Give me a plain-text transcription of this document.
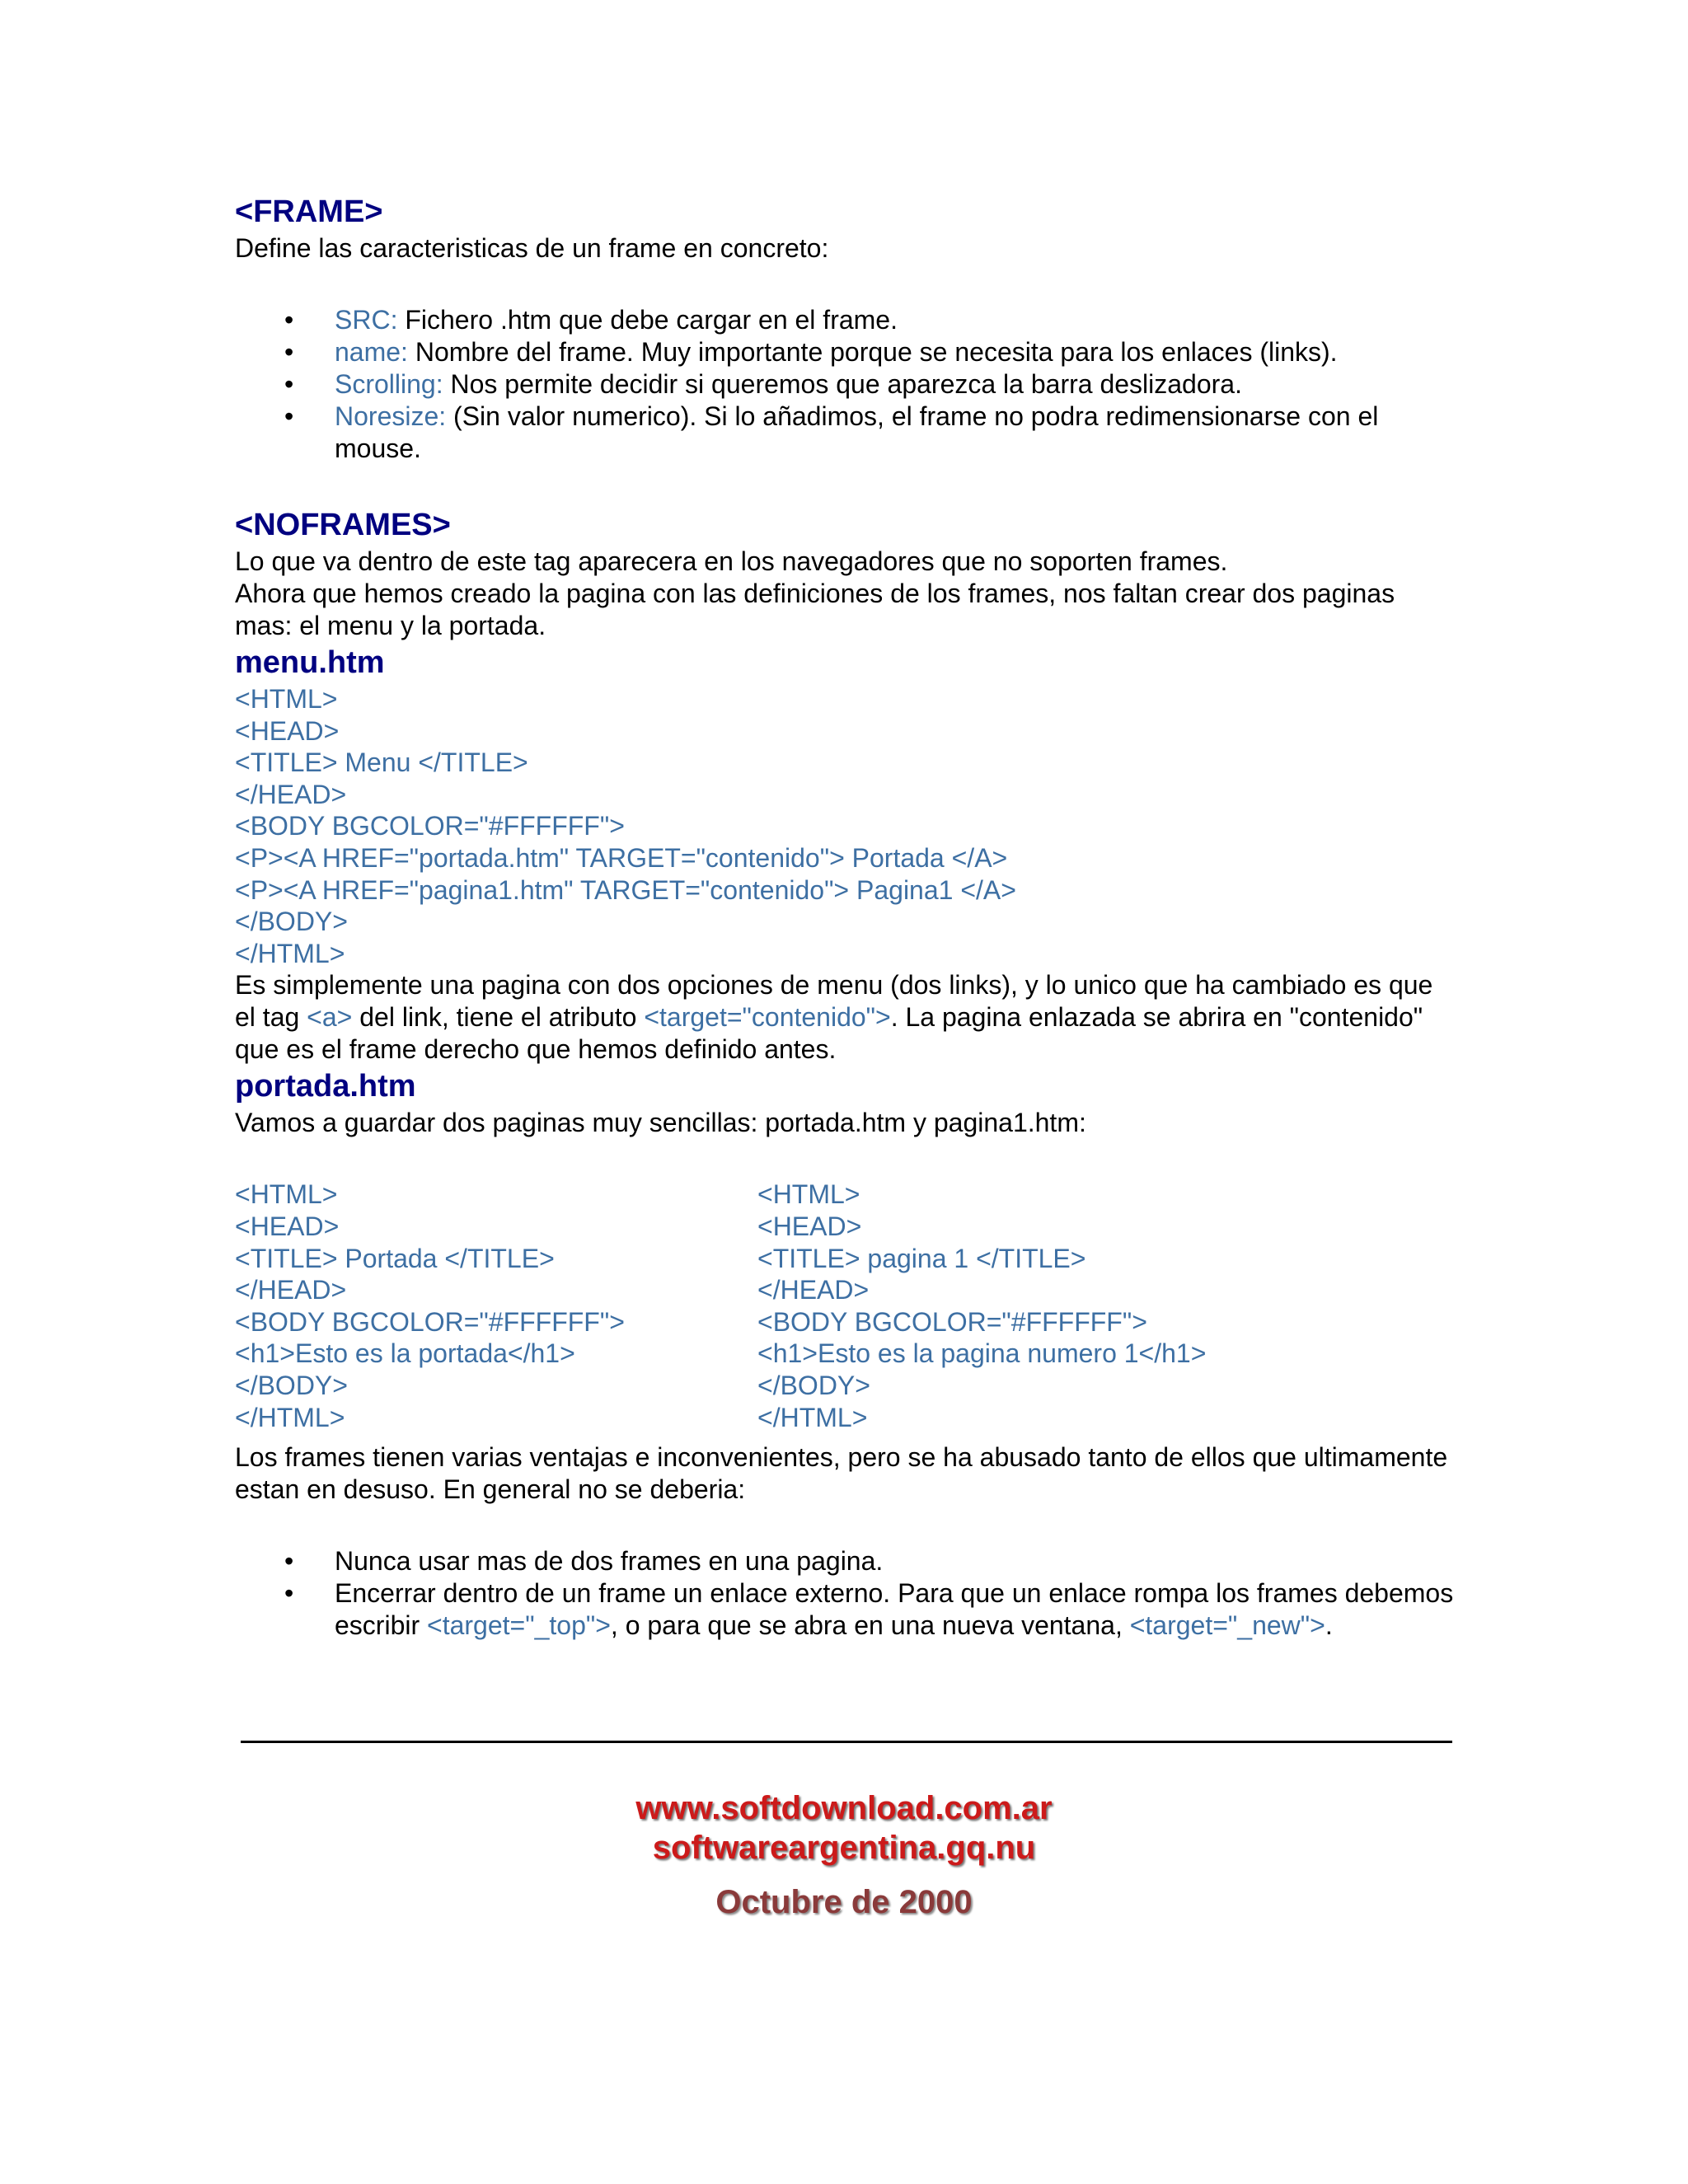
<FRAME>

Define las caracteristicas de un frame en concreto:

• SRC: Fichero .htm que debe cargar en el frame.
• name: Nombre del frame. Muy importante porque se necesita para los enlaces (links).
• Scrolling: Nos permite decidir si queremos que aparezca la barra deslizadora.
• Noresize: (Sin valor numerico). Si lo añadimos, el frame no podra redimensionarse con el mouse.
<NOFRAMES>

Lo que va dentro de este tag aparecera en los navegadores que no soporten frames.

Ahora que hemos creado la pagina con las definiciones de los frames, nos faltan crear dos paginas mas: el menu y la portada.

menu.htm

<HTML>

<HEAD>

<TITLE> Menu </TITLE>

</HEAD>

<BODY BGCOLOR="#FFFFFF">

<P><A HREF="portada.htm" TARGET="contenido"> Portada </A>

<P><A HREF="pagina1.htm" TARGET="contenido"> Pagina1 </A>

</BODY>

</HTML>

Es simplemente una pagina con dos opciones de menu (dos links), y lo unico que ha cambiado es que el tag <a> del link, tiene el atributo <target="contenido">. La pagina enlazada se abrira en "contenido" que es el frame derecho que hemos definido antes.

portada.htm

Vamos a guardar dos paginas muy sencillas: portada.htm y pagina1.htm:

<HTML>

<HEAD>

<TITLE> Portada </TITLE>

</HEAD>

<BODY BGCOLOR="#FFFFFF">

<h1>Esto es la portada</h1>

</BODY>

</HTML>

<HTML>

<HEAD>

<TITLE> pagina 1 </TITLE>

</HEAD>

<BODY BGCOLOR="#FFFFFF">

<h1>Esto es la pagina numero 1</h1>

</BODY>

</HTML>

Los frames tienen varias ventajas e inconvenientes, pero se ha abusado tanto de ellos que ultimamente estan en desuso. En general no se deberia:

• Nunca usar mas de dos frames en una pagina.
• Encerrar dentro de un frame un enlace externo. Para que un enlace rompa los frames debemos escribir <target="_top">, o para que se abra en una nueva ventana, <target="_new">.
www.softdownload.com.ar
softwareargentina.gq.nu
Octubre de 2000
